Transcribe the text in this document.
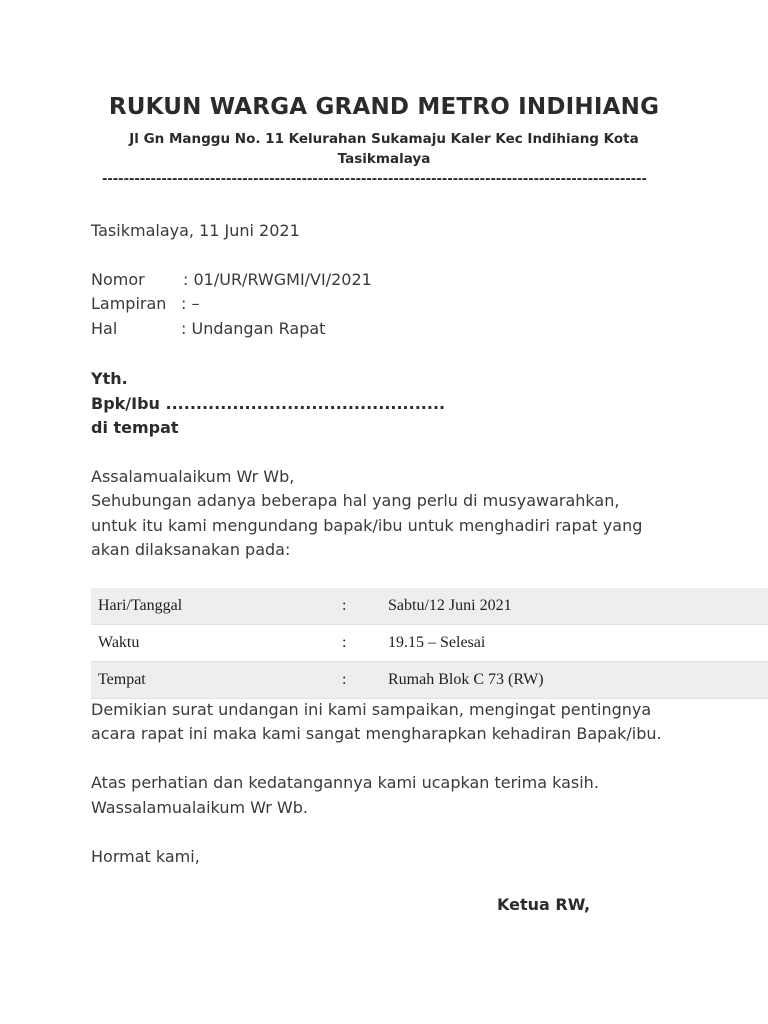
RUKUN WARGA GRAND METRO INDIHIANG
Jl Gn Manggu No. 11 Kelurahan Sukamaju Kaler Kec Indihiang Kota
Tasikmalaya
-----------------------------------------------------------------------------------------------------
Tasikmalaya, 11 Juni 2021
Nomor : 01/UR/RWGMI/VI/2021
Lampiran : –
Hal	: Undangan Rapat
Yth.
Bpk/Ibu ..............................................
di tempat
Assalamualaikum Wr Wb,
Sehubungan adanya beberapa hal yang perlu di musyawarahkan,
untuk itu kami mengundang bapak/ibu untuk menghadiri rapat yang
akan dilaksanakan pada:
Hari/Tanggal	:	Sabtu/12 Juni 2021
Waktu	:	19.15 – Selesai
Tempat	:	Rumah Blok C 73 (RW)
Demikian surat undangan ini kami sampaikan, mengingat pentingnya
acara rapat ini maka kami sangat mengharapkan kehadiran Bapak/ibu.
Atas perhatian dan kedatangannya kami ucapkan terima kasih.
Wassalamualaikum Wr Wb.
Hormat kami,
Ketua RW,
